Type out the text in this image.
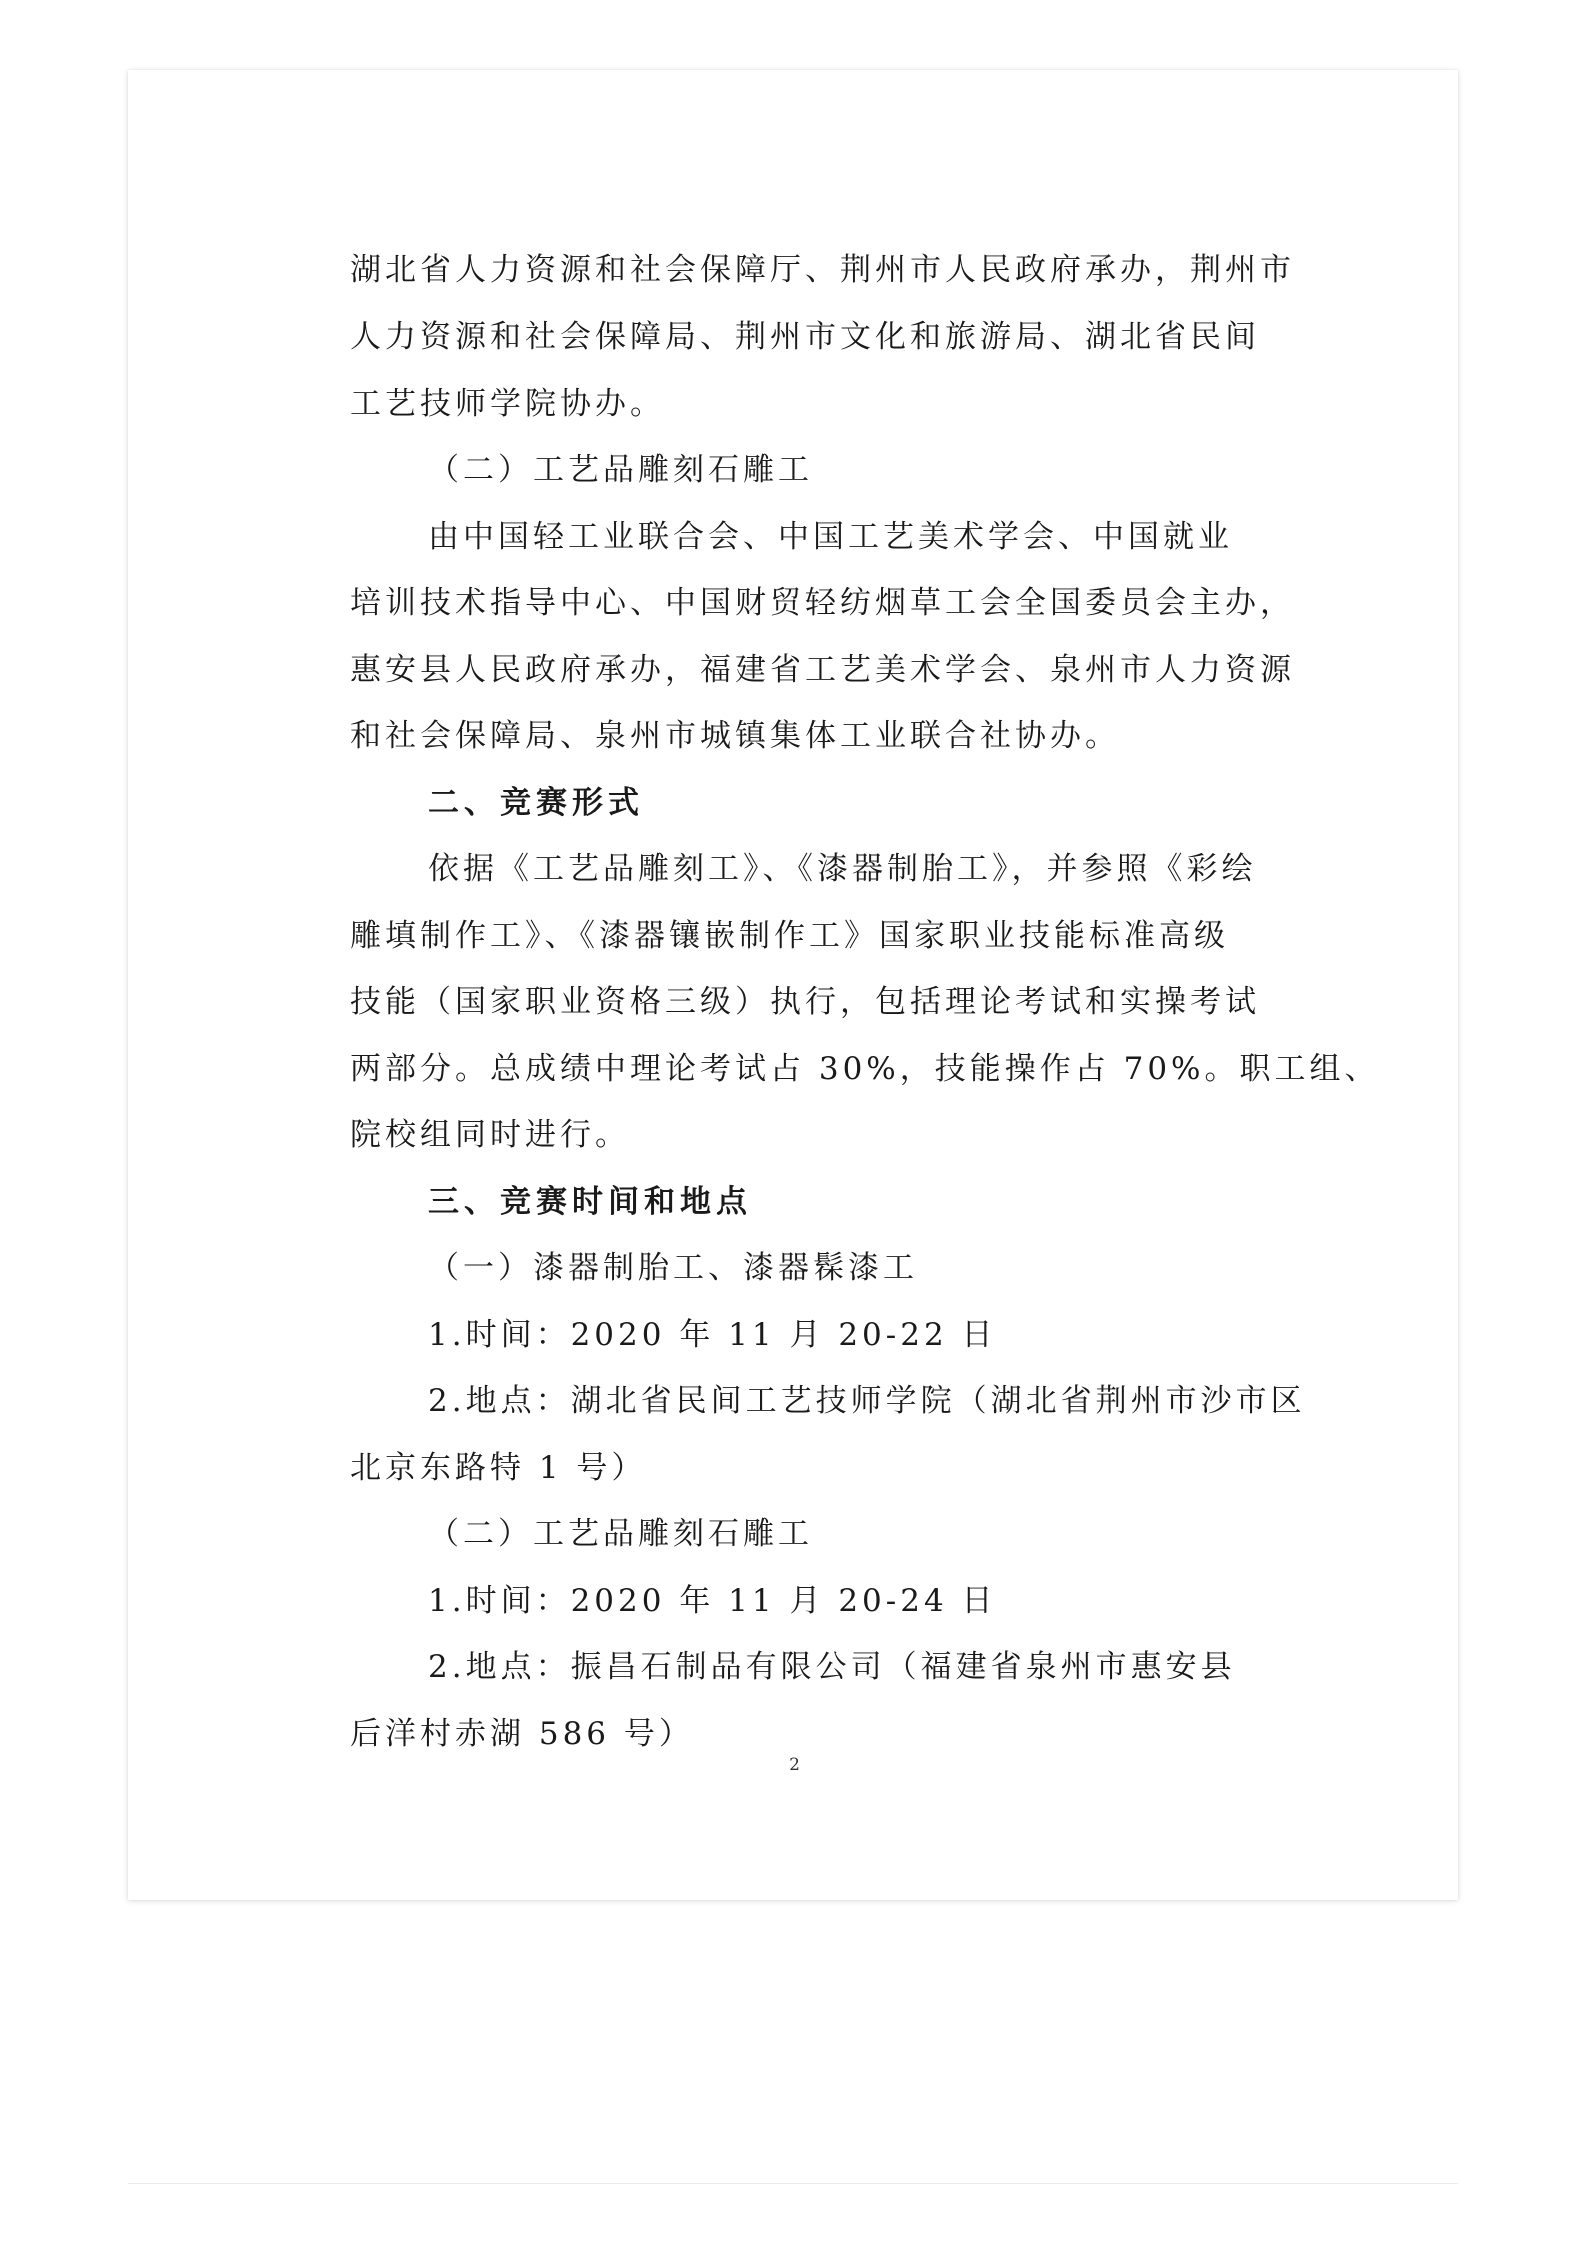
湖北省人力资源和社会保障厅、荆州市人民政府承办，荆州市
人力资源和社会保障局、荆州市文化和旅游局、湖北省民间
工艺技师学院协办。
（二）工艺品雕刻石雕工
由中国轻工业联合会、中国工艺美术学会、中国就业
培训技术指导中心、中国财贸轻纺烟草工会全国委员会主办，
惠安县人民政府承办，福建省工艺美术学会、泉州市人力资源
和社会保障局、泉州市城镇集体工业联合社协办。
二、竞赛形式
依据《工艺品雕刻工》、《漆器制胎工》，并参照《彩绘
雕填制作工》、《漆器镶嵌制作工》国家职业技能标准高级
技能（国家职业资格三级）执行，包括理论考试和实操考试
两部分。总成绩中理论考试占 30%，技能操作占 70%。职工组、
院校组同时进行。
三、竞赛时间和地点
（一）漆器制胎工、漆器髹漆工
1.时间：2020 年 11 月 20-22 日
2.地点：湖北省民间工艺技师学院（湖北省荆州市沙市区
北京东路特 1 号）
（二）工艺品雕刻石雕工
1.时间：2020 年 11 月 20-24 日
2.地点：振昌石制品有限公司（福建省泉州市惠安县
后洋村赤湖 586 号）
2
